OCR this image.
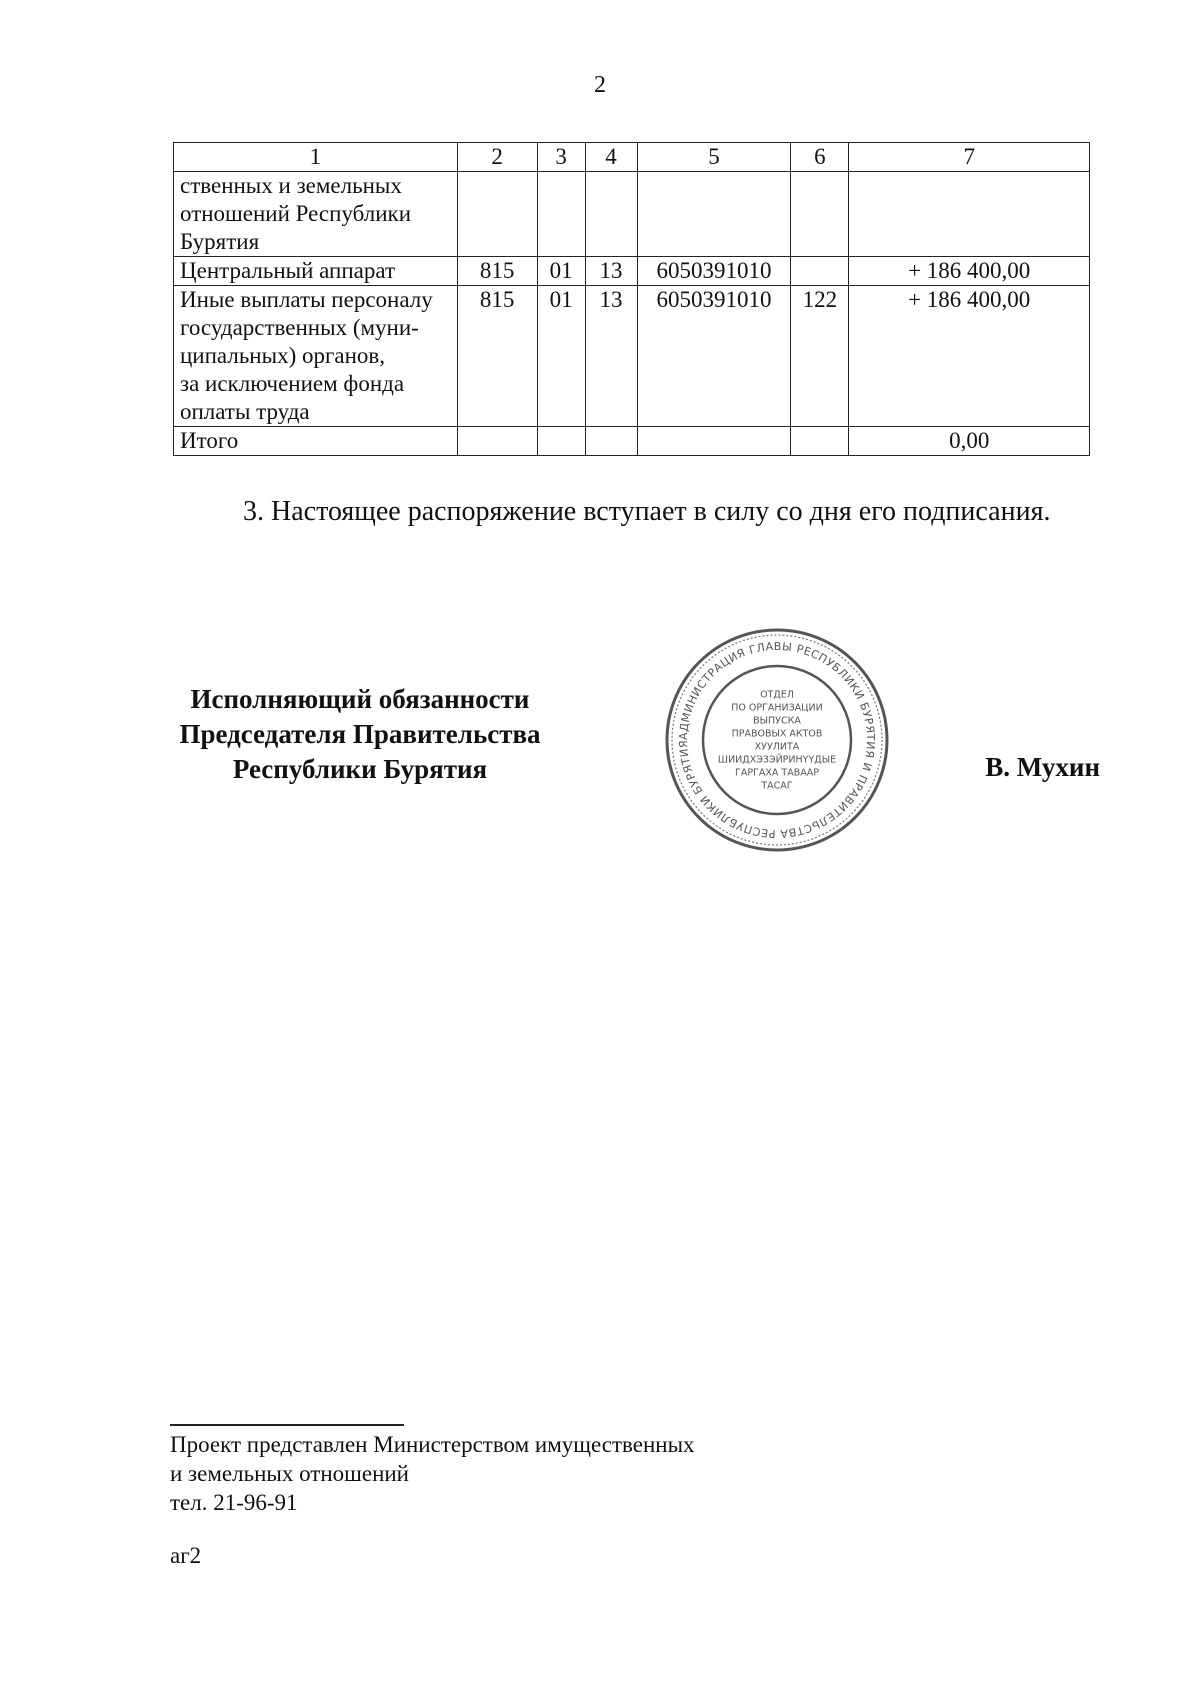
2
1	2	3	4	5	6	7
ственных и земельных
отношений Республики
Бурятия						
Центральный аппарат	815	01	13	6050391010		+ 186 400,00
Иные выплаты персоналу
государственных (муни-
ципальных) органов,
за исключением фонда
оплаты труда	815	01	13	6050391010	122	+ 186 400,00
Итого						0,00
3. Настоящее распоряжение вступает в силу со дня его подписания.
Исполняющий обязанности
Председателя Правительства
Республики Бурятия
АДМИНИСТРАЦИЯ ГЛАВЫ РЕСПУБЛИКИ БУРЯТИЯ И ПРАВИТЕЛЬСТВА РЕСПУБЛИКИ БУРЯТИЯ
ОТДЕЛ
ПО ОРГАНИЗАЦИИ
ВЫПУСКА
ПРАВОВЫХ АКТОВ
ХУУЛИТА
ШИИДХЭЗЭЙРИНҮҮДЫЕ
ГАРГАХА ТАВААР
ТАСАГ
В. Мухин
Проект представлен Министерством имущественных
и земельных отношений
тел. 21-96-91
аг2
